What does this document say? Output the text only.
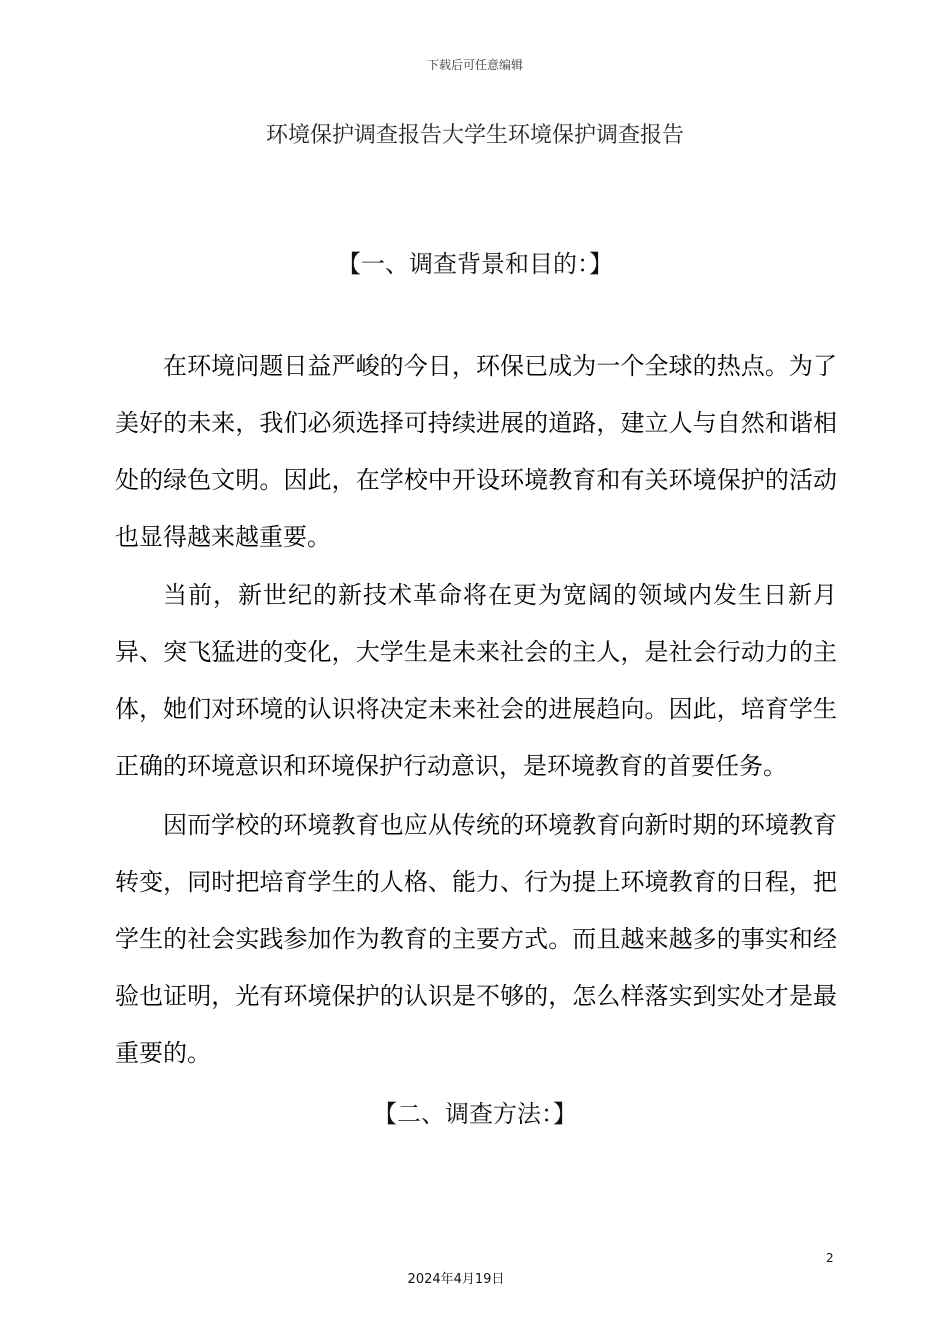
下载后可任意编辑
环境保护调查报告大学生环境保护调查报告
【一、调查背景和目的：】

在环境问题日益严峻的今日，环保已成为一个全球的热点。为了美好的未来，我们必须选择可持续进展的道路，建立人与自然和谐相处的绿色文明。因此，在学校中开设环境教育和有关环境保护的活动也显得越来越重要。

当前，新世纪的新技术革命将在更为宽阔的领域内发生日新月异、突飞猛进的变化，大学生是未来社会的主人，是社会行动力的主体，她们对环境的认识将决定未来社会的进展趋向。因此，培育学生正确的环境意识和环境保护行动意识，是环境教育的首要任务。

因而学校的环境教育也应从传统的环境教育向新时期的环境教育转变，同时把培育学生的人格、能力、行为提上环境教育的日程，把学生的社会实践参加作为教育的主要方式。而且越来越多的事实和经验也证明，光有环境保护的认识是不够的，怎么样落实到实处才是最重要的。

【二、调查方法：】
2
2024年4月19日
